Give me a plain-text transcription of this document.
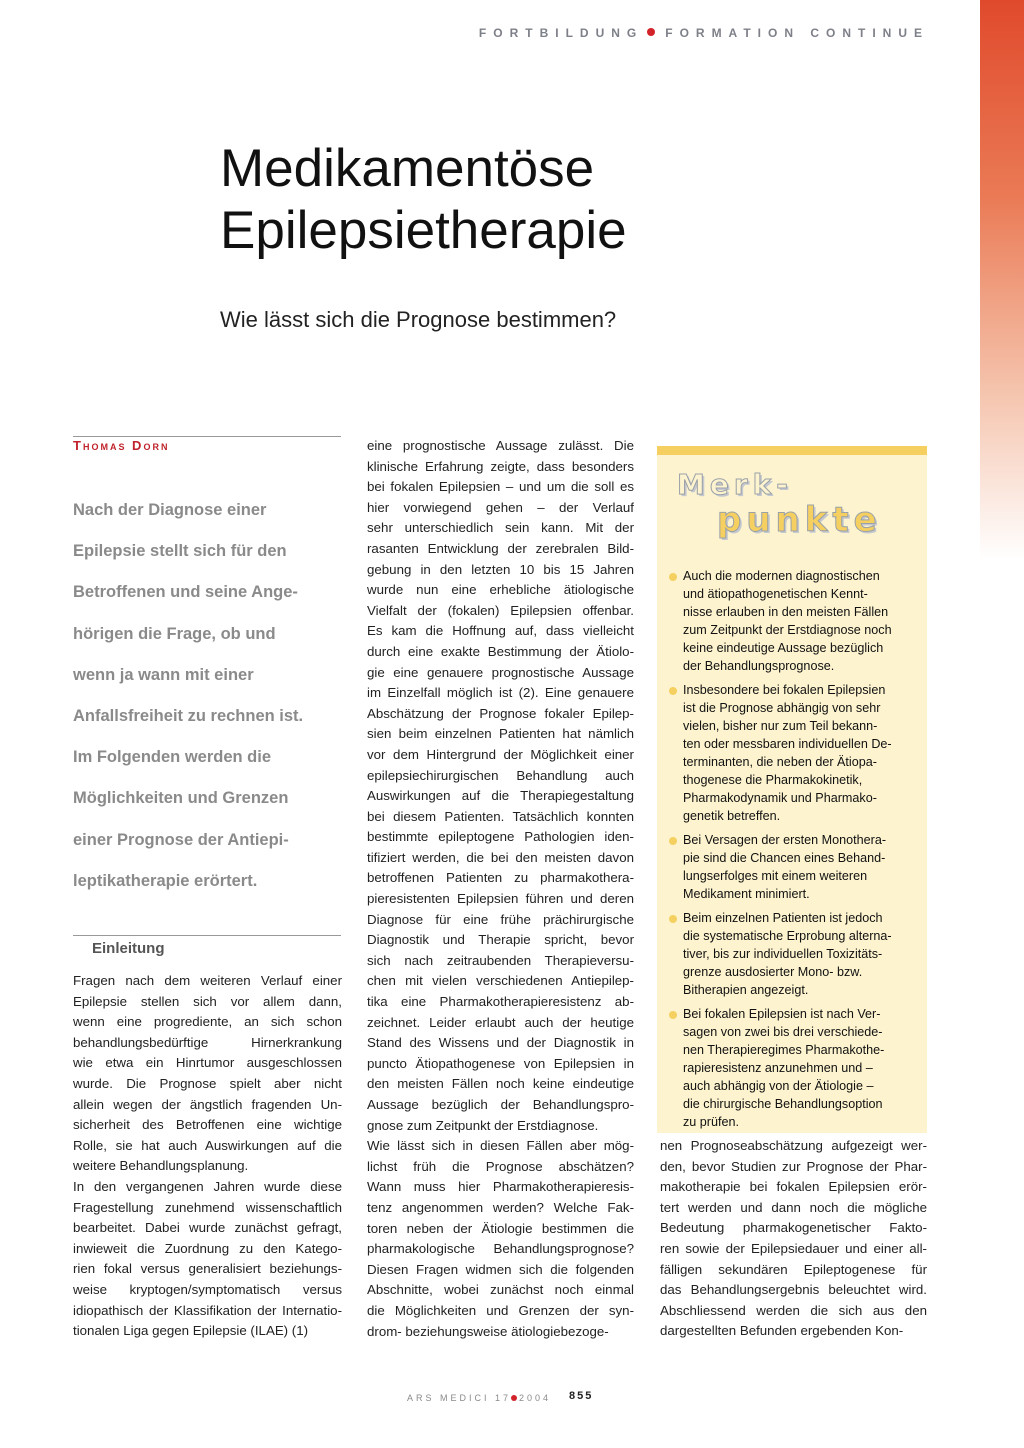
FORTBILDUNG FORMATION CONTINUE
Medikamentöse
Epilepsietherapie
Wie lässt sich die Prognose bestimmen?
Thomas Dorn
Nach der Diagnose einer
Epilepsie stellt sich für den
Betroffenen und seine Ange-
hörigen die Frage, ob und
wenn ja wann mit einer
Anfallsfreiheit zu rechnen ist.
Im Folgenden werden die
Möglichkeiten und Grenzen
einer Prognose der Antiepi-
leptikatherapie erörtert.
Einleitung
Fragen nach dem weiteren Verlauf einer
Epilepsie stellen sich vor allem dann,
wenn eine progrediente, an sich schon
behandlungsbedürftige Hirnerkrankung
wie etwa ein Hinrtumor ausgeschlossen
wurde. Die Prognose spielt aber nicht
allein wegen der ängstlich fragenden Un-
sicherheit des Betroffenen eine wichtige
Rolle, sie hat auch Auswirkungen auf die
weitere Behandlungsplanung.
In den vergangenen Jahren wurde diese
Fragestellung zunehmend wissenschaftlich
bearbeitet. Dabei wurde zunächst gefragt,
inwieweit die Zuordnung zu den Katego-
rien fokal versus generalisiert beziehungs-
weise kryptogen/symptomatisch versus
idiopathisch der Klassifikation der Internatio-
tionalen Liga gegen Epilepsie (ILAE) (1)
eine prognostische Aussage zulässt. Die
klinische Erfahrung zeigte, dass besonders
bei fokalen Epilepsien – und um die soll es
hier vorwiegend gehen – der Verlauf
sehr unterschiedlich sein kann. Mit der
rasanten Entwicklung der zerebralen Bild-
gebung in den letzten 10 bis 15 Jahren
wurde nun eine erhebliche ätiologische
Vielfalt der (fokalen) Epilepsien offenbar.
Es kam die Hoffnung auf, dass vielleicht
durch eine exakte Bestimmung der Ätiolo-
gie eine genauere prognostische Aussage
im Einzelfall möglich ist (2). Eine genauere
Abschätzung der Prognose fokaler Epilep-
sien beim einzelnen Patienten hat nämlich
vor dem Hintergrund der Möglichkeit einer
epilepsiechirurgischen Behandlung auch
Auswirkungen auf die Therapiegestaltung
bei diesem Patienten. Tatsächlich konnten
bestimmte epileptogene Pathologien iden-
tifiziert werden, die bei den meisten davon
betroffenen Patienten zu pharmakothera-
pieresistenten Epilepsien führen und deren
Diagnose für eine frühe prächirurgische
Diagnostik und Therapie spricht, bevor
sich nach zeitraubenden Therapieversu-
chen mit vielen verschiedenen Antiepilep-
tika eine Pharmakotherapieresistenz ab-
zeichnet. Leider erlaubt auch der heutige
Stand des Wissens und der Diagnostik in
puncto Ätiopathogenese von Epilepsien in
den meisten Fällen noch keine eindeutige
Aussage bezüglich der Behandlungspro-
gnose zum Zeitpunkt der Erstdiagnose.
Wie lässt sich in diesen Fällen aber mög-
lichst früh die Prognose abschätzen?
Wann muss hier Pharmakotherapieresis-
tenz angenommen werden? Welche Fak-
toren neben der Ätiologie bestimmen die
pharmakologische Behandlungsprognose?
Diesen Fragen widmen sich die folgenden
Abschnitte, wobei zunächst noch einmal
die Möglichkeiten und Grenzen der syn-
drom- beziehungsweise ätiologiebezoge-
nen Prognoseabschätzung aufgezeigt wer-
den, bevor Studien zur Prognose der Phar-
makotherapie bei fokalen Epilepsien erör-
tert werden und dann noch die mögliche
Bedeutung pharmakogenetischer Fakto-
ren sowie der Epilepsiedauer und einer all-
fälligen sekundären Epileptogenese für
das Behandlungsergebnis beleuchtet wird.
Abschliessend werden die sich aus den
dargestellten Befunden ergebenden Kon-
Merk-
punkte
Auch die modernen diagnostischen
und ätiopathogenetischen Kennt-
nisse erlauben in den meisten Fällen
zum Zeitpunkt der Erstdiagnose noch
keine eindeutige Aussage bezüglich
der Behandlungsprognose.
Insbesondere bei fokalen Epilepsien
ist die Prognose abhängig von sehr
vielen, bisher nur zum Teil bekann-
ten oder messbaren individuellen De-
terminanten, die neben der Ätiopa-
thogenese die Pharmakokinetik,
Pharmakodynamik und Pharmako-
genetik betreffen.
Bei Versagen der ersten Monothera-
pie sind die Chancen eines Behand-
lungserfolges mit einem weiteren
Medikament minimiert.
Beim einzelnen Patienten ist jedoch
die systematische Erprobung alterna-
tiver, bis zur individuellen Toxizitäts-
grenze ausdosierter Mono- bzw.
Bitherapien angezeigt.
Bei fokalen Epilepsien ist nach Ver-
sagen von zwei bis drei verschiede-
nen Therapieregimes Pharmakothe-
rapieresistenz anzunehmen und –
auch abhängig von der Ätiologie –
die chirurgische Behandlungsoption
zu prüfen.
ARS MEDICI 17 2004 855
